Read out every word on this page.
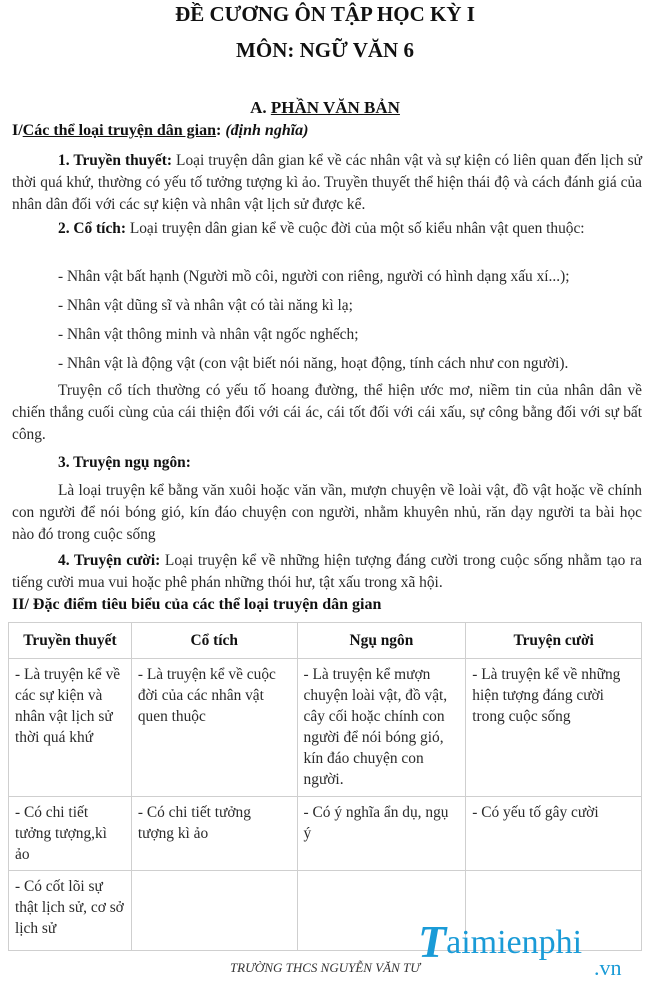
ĐỀ CƯƠNG ÔN TẬP HỌC KỲ I
MÔN: NGỮ VĂN 6
A. PHẦN VĂN BẢN
I/Các thể loại truyện dân gian: (định nghĩa)
1. Truyền thuyết: Loại truyện dân gian kể về các nhân vật và sự kiện có liên quan đến lịch sử thời quá khứ, thường có yếu tố tưởng tượng kì ảo. Truyền thuyết thể hiện thái độ và cách đánh giá của nhân dân đối với các sự kiện và nhân vật lịch sử được kể.
2. Cổ tích: Loại truyện dân gian kể về cuộc đời của một số kiểu nhân vật quen thuộc:
- Nhân vật bất hạnh (Người mồ côi, người con riêng, người có hình dạng xấu xí...);
- Nhân vật dũng sĩ và nhân vật có tài năng kì lạ;
- Nhân vật thông minh và nhân vật ngốc nghếch;
- Nhân vật là động vật (con vật biết nói năng, hoạt động, tính cách như con người).
Truyện cổ tích thường có yếu tố hoang đường, thể hiện ước mơ, niềm tin của nhân dân về chiến thắng cuối cùng của cái thiện đối với cái ác, cái tốt đối với cái xấu, sự công bằng đối với sự bất công.
3. Truyện ngụ ngôn:
Là loại truyện kể bằng văn xuôi hoặc văn vần, mượn chuyện về loài vật, đồ vật hoặc về chính con người để nói bóng gió, kín đáo chuyện con người, nhằm khuyên nhủ, răn dạy người ta bài học nào đó trong cuộc sống
4. Truyện cười: Loại truyện kể về những hiện tượng đáng cười trong cuộc sống nhằm tạo ra tiếng cười mua vui hoặc phê phán những thói hư, tật xấu trong xã hội.
II/ Đặc điểm tiêu biểu của các thể loại truyện dân gian
Truyền thuyết	Cổ tích	Ngụ ngôn	Truyện cười
- Là truyện kể về các sự kiện và nhân vật lịch sử thời quá khứ	- Là truyện kể về cuộc đời của các nhân vật quen thuộc	- Là truyện kể mượn chuyện loài vật, đồ vật, cây cối hoặc chính con người để nói bóng gió, kín đáo chuyện con người.	- Là truyện kể về những hiện tượng đáng cười trong cuộc sống
- Có chi tiết tưởng tượng,kì ảo	- Có chi tiết tưởng tượng kì ảo	- Có ý nghĩa ẩn dụ, ngụ ý	- Có yếu tố gây cười
- Có cốt lõi sự thật lịch sử, cơ sở lịch sử			
TRƯỜNG THCS NGUYỄN VĂN TƯ
Taimienphi
.vn
